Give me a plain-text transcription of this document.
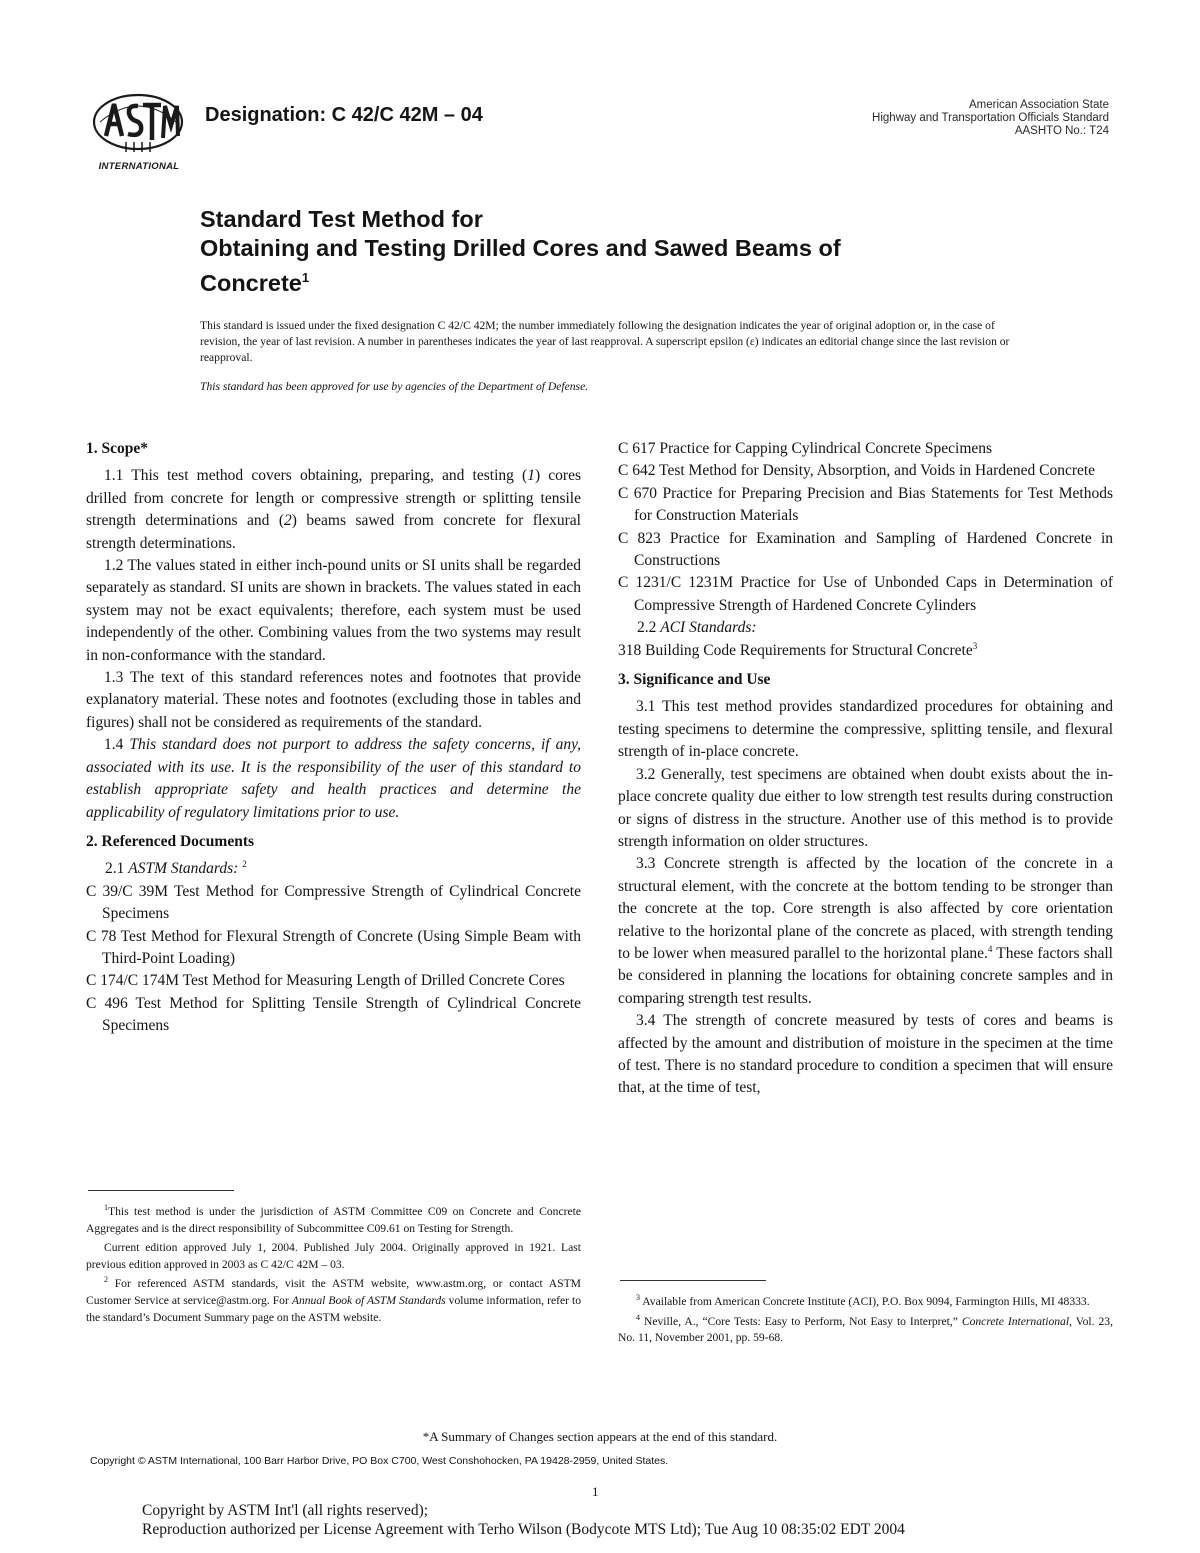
INTERNATIONAL
Designation: C 42/C 42M – 04	American Association State
Highway and Transportation Officials Standard
AASHTO No.: T24
Standard Test Method for
Obtaining and Testing Drilled Cores and Sawed Beams of
Concrete$^1$

This standard is issued under the fixed designation C 42/C 42M; the number immediately following the designation indicates the year of original adoption or, in the case of revision, the year of last revision. A number in parentheses indicates the year of last reapproval. A superscript epsilon (ε) indicates an editorial change since the last revision or reapproval.

This standard has been approved for use by agencies of the Department of Defense.

1. Scope*

1.1 This test method covers obtaining, preparing, and testing (1) cores drilled from concrete for length or compressive strength or splitting tensile strength determinations and (2) beams sawed from concrete for flexural strength determinations.

1.2 The values stated in either inch-pound units or SI units shall be regarded separately as standard. SI units are shown in brackets. The values stated in each system may not be exact equivalents; therefore, each system must be used independently of the other. Combining values from the two systems may result in non-conformance with the standard.

1.3 The text of this standard references notes and footnotes that provide explanatory material. These notes and footnotes (excluding those in tables and figures) shall not be considered as requirements of the standard.

1.4 This standard does not purport to address the safety concerns, if any, associated with its use. It is the responsibility of the user of this standard to establish appropriate safety and health practices and determine the applicability of regulatory limitations prior to use.

2. Referenced Documents

2.1 ASTM Standards: $^2$

C 39/C 39M Test Method for Compressive Strength of Cylindrical Concrete Specimens

C 78 Test Method for Flexural Strength of Concrete (Using Simple Beam with Third-Point Loading)

C 174/C 174M Test Method for Measuring Length of Drilled Concrete Cores

C 496 Test Method for Splitting Tensile Strength of Cylindrical Concrete Specimens

C 617 Practice for Capping Cylindrical Concrete Specimens

C 642 Test Method for Density, Absorption, and Voids in Hardened Concrete

C 670 Practice for Preparing Precision and Bias Statements for Test Methods for Construction Materials

C 823 Practice for Examination and Sampling of Hardened Concrete in Constructions

C 1231/C 1231M Practice for Use of Unbonded Caps in Determination of Compressive Strength of Hardened Concrete Cylinders

2.2 ACI Standards:

318 Building Code Requirements for Structural Concrete$^3$

3. Significance and Use

3.1 This test method provides standardized procedures for obtaining and testing specimens to determine the compressive, splitting tensile, and flexural strength of in-place concrete.

3.2 Generally, test specimens are obtained when doubt exists about the in-place concrete quality due either to low strength test results during construction or signs of distress in the structure. Another use of this method is to provide strength information on older structures.

3.3 Concrete strength is affected by the location of the concrete in a structural element, with the concrete at the bottom tending to be stronger than the concrete at the top. Core strength is also affected by core orientation relative to the horizontal plane of the concrete as placed, with strength tending to be lower when measured parallel to the horizontal plane.$^4$ These factors shall be considered in planning the locations for obtaining concrete samples and in comparing strength test results.

3.4 The strength of concrete measured by tests of cores and beams is affected by the amount and distribution of moisture in the specimen at the time of test. There is no standard procedure to condition a specimen that will ensure that, at the time of test,

$^1$This test method is under the jurisdiction of ASTM Committee C09 on Concrete and Concrete Aggregates and is the direct responsibility of Subcommittee C09.61 on Testing for Strength.

Current edition approved July 1, 2004. Published July 2004. Originally approved in 1921. Last previous edition approved in 2003 as C 42/C 42M – 03.

$^2$ For referenced ASTM standards, visit the ASTM website, www.astm.org, or contact ASTM Customer Service at service@astm.org. For Annual Book of ASTM Standards volume information, refer to the standard’s Document Summary page on the ASTM website.

$^3$ Available from American Concrete Institute (ACI), P.O. Box 9094, Farmington Hills, MI 48333.

$^4$ Neville, A., “Core Tests: Easy to Perform, Not Easy to Interpret,” Concrete International, Vol. 23, No. 11, November 2001, pp. 59-68.

*A Summary of Changes section appears at the end of this standard.
Copyright © ASTM International, 100 Barr Harbor Drive, PO Box C700, West Conshohocken, PA 19428-2959, United States.
1
Copyright by ASTM Int'l (all rights reserved);
Reproduction authorized per License Agreement with Terho Wilson (Bodycote MTS Ltd); Tue Aug 10 08:35:02 EDT 2004
